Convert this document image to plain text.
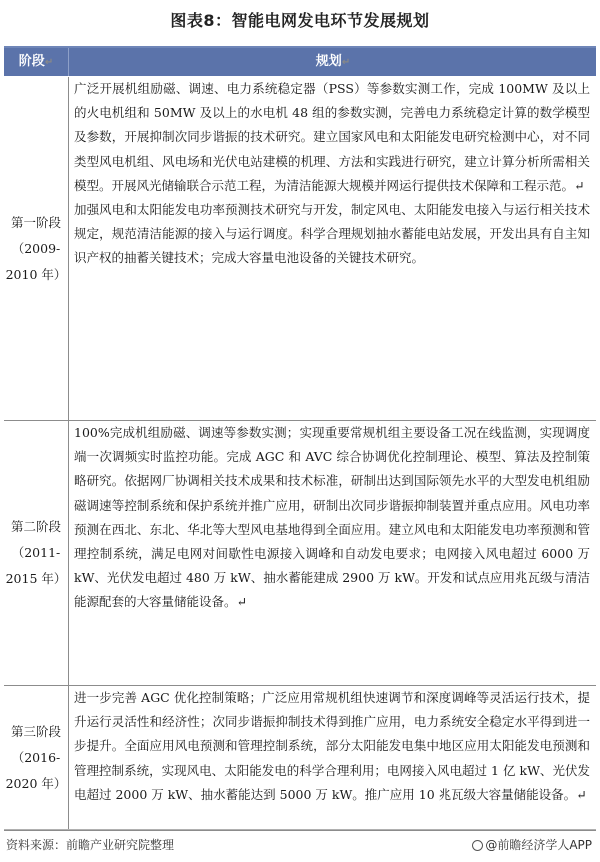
图表8：智能电网发电环节发展规划
阶段↵	规划↵
第一阶段
（2009-2010 年）

广泛开展机组励磁、调速、电力系统稳定器（PSS）等参数实测工作，完成 100MW 及以上的火电机组和 50MW 及以上的水电机 48 组的参数实测，完善电力系统稳定计算的数学模型及参数，开展抑制次同步谐振的技术研究。建立国家风电和太阳能发电研究检测中心，对不同类型风电机组、风电场和光伏电站建模的机理、方法和实践进行研究，建立计算分析所需相关模型。开展风光储输联合示范工程，为清洁能源大规模并网运行提供技术保障和工程示范。↵

加强风电和太阳能发电功率预测技术研究与开发，制定风电、太阳能发电接入与运行相关技术规定，规范清洁能源的接入与运行调度。科学合理规划抽水蓄能电站发展，开发出具有自主知识产权的抽蓄关键技术；完成大容量电池设备的关键技术研究。

第二阶段
（2011-2015 年）

100%完成机组励磁、调速等参数实测；实现重要常规机组主要设备工况在线监测，实现调度端一次调频实时监控功能。完成 AGC 和 AVC 综合协调优化控制理论、模型、算法及控制策略研究。依据网厂协调相关技术成果和技术标准，研制出达到国际领先水平的大型发电机组励磁调速等控制系统和保护系统并推广应用，研制出次同步谐振抑制装置并重点应用。风电功率预测在西北、东北、华北等大型风电基地得到全面应用。建立风电和太阳能发电功率预测和管理控制系统，满足电网对间歇性电源接入调峰和自动发电要求；电网接入风电超过 6000 万 kW、光伏发电超过 480 万 kW、抽水蓄能建成 2900 万 kW。开发和试点应用兆瓦级与清洁能源配套的大容量储能设备。↵

第三阶段
（2016-2020 年）

进一步完善 AGC 优化控制策略；广泛应用常规机组快速调节和深度调峰等灵活运行技术，提升运行灵活性和经济性；次同步谐振抑制技术得到推广应用，电力系统安全稳定水平得到进一步提升。全面应用风电预测和管理控制系统，部分太阳能发电集中地区应用太阳能发电预测和管理控制系统，实现风电、太阳能发电的科学合理利用；电网接入风电超过 1 亿 kW、光伏发电超过 2000 万 kW、抽水蓄能达到 5000 万 kW。推广应用 10 兆瓦级大容量储能设备。↵

资料来源：前瞻产业研究院整理	@前瞻经济学人APP
